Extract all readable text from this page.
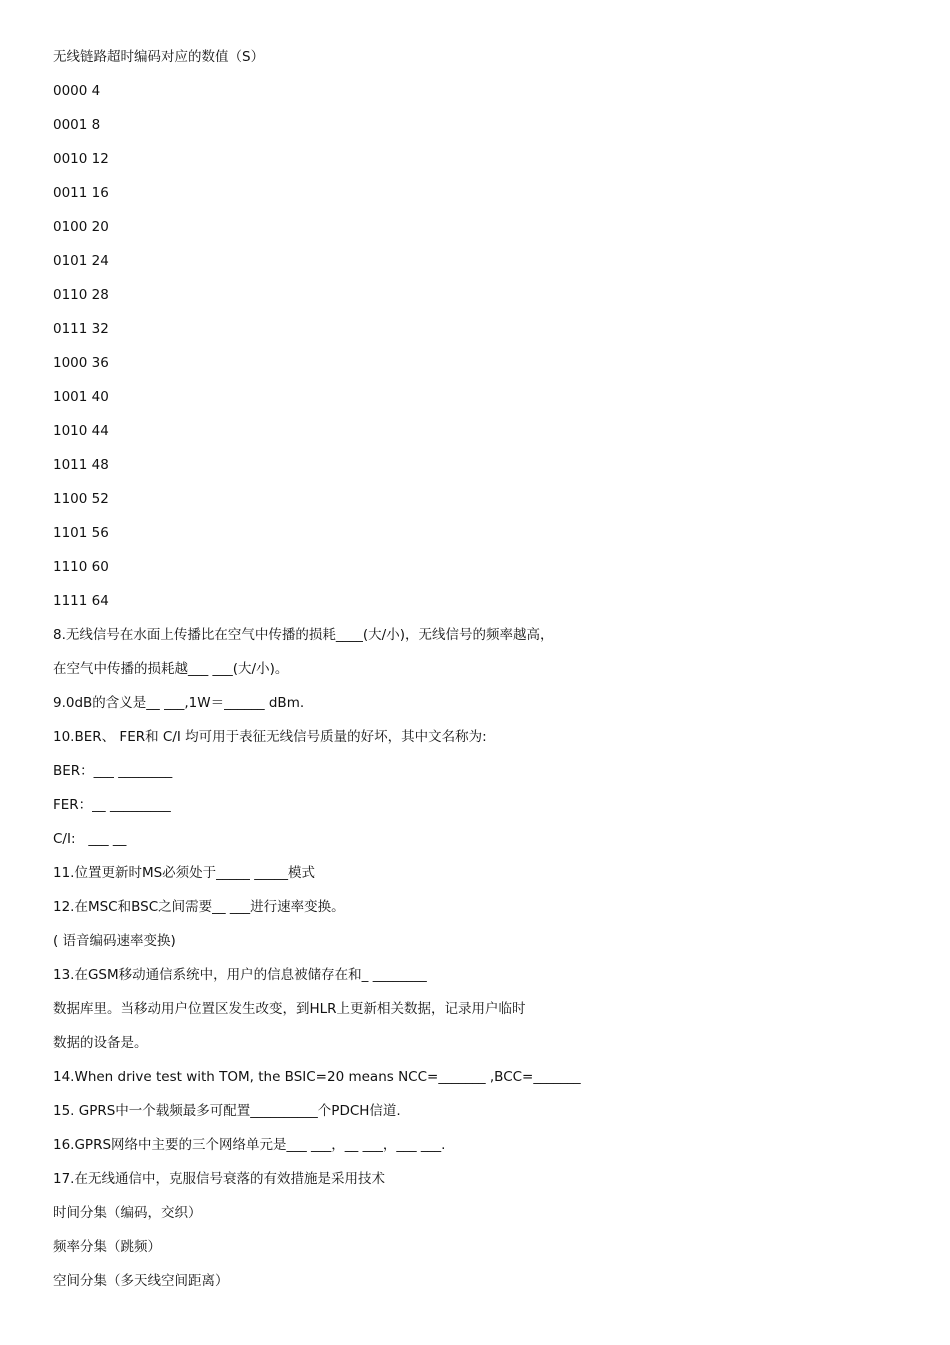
无线链路超时编码对应的数值（S）
0000 4
0001 8
0010 12
0011 16
0100 20
0101 24
0110 28
0111 32
1000 36
1001 40
1010 44
1011 48
1100 52
1101 56
1110 60
1111 64
8.无线信号在水面上传播比在空气中传播的损耗____(大/小)，无线信号的频率越高，
在空气中传播的损耗越___ ___(大/小)。
9.0dB的含义是__ ___,1W＝______ dBm.
10.BER、 FER和 C/I 均可用于表征无线信号质量的好坏，其中文名称为:
BER：___ ________
FER：__ _________
C/I:   ___ __
11.位置更新时MS必须处于_____ _____模式
12.在MSC和BSC之间需要__ ___进行速率变换。
( 语音编码速率变换)
13.在GSM移动通信系统中，用户的信息被储存在和_ ________
数据库里。当移动用户位置区发生改变，到HLR上更新相关数据，记录用户临时
数据的设备是。
14.When drive test with TOM, the BSIC=20 means NCC=_______ ,BCC=_______
15. GPRS中一个载频最多可配置__________个PDCH信道.
16.GPRS网络中主要的三个网络单元是___ ___，__ ___，___ ___.
17.在无线通信中，克服信号衰落的有效措施是采用技术
时间分集（编码，交织）
频率分集（跳频）
空间分集（多天线空间距离）
